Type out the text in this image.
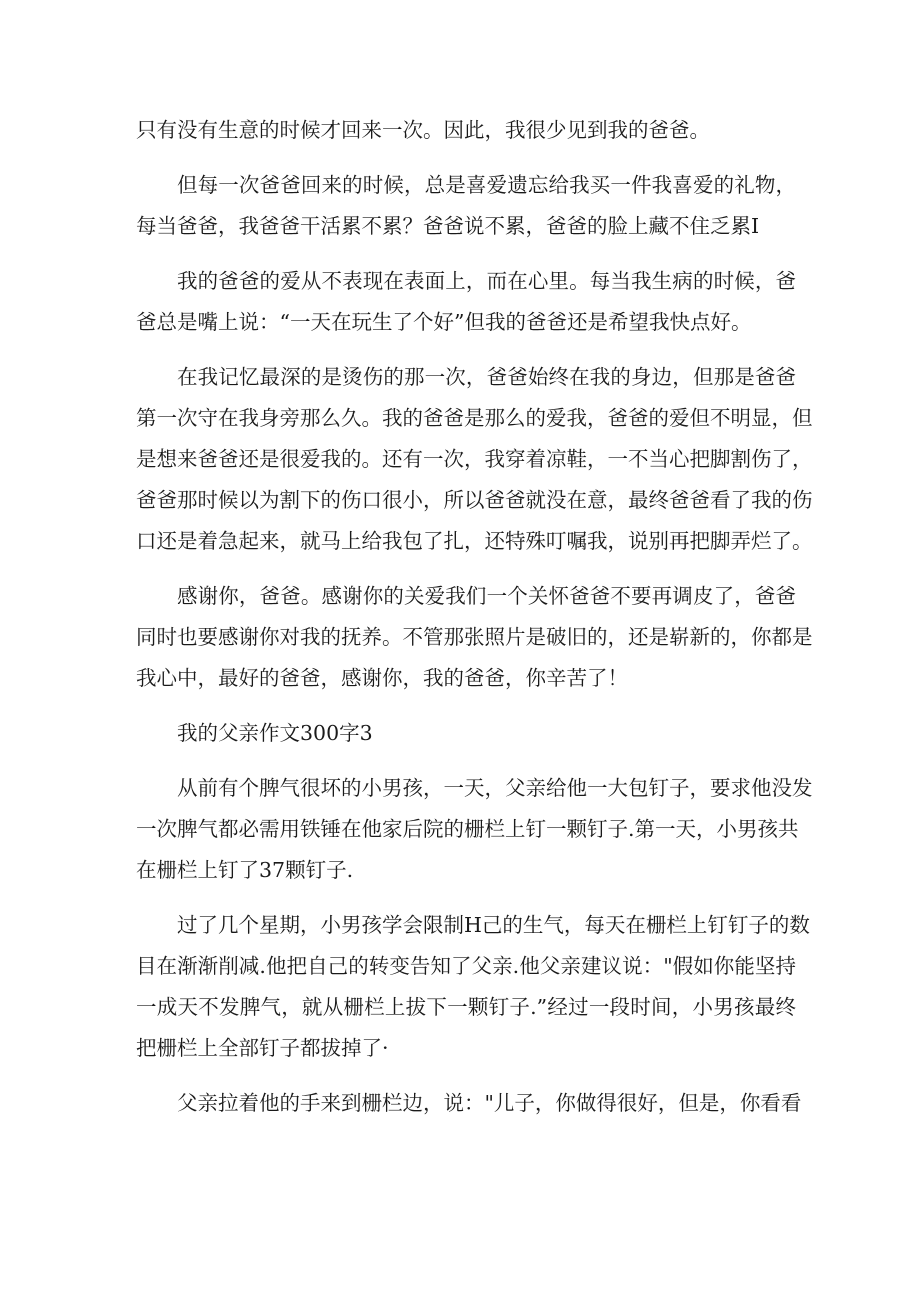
只有没有生意的时候才回来一次。因此，我很少见到我的爸爸。
但每一次爸爸回来的时候，总是喜爱遗忘给我买一件我喜爱的礼物，
每当爸爸，我爸爸干活累不累？爸爸说不累，爸爸的脸上藏不住乏累I
我的爸爸的爱从不表现在表面上，而在心里。每当我生病的时候，爸
爸总是嘴上说：“一天在玩生了个好”但我的爸爸还是希望我快点好。
在我记忆最深的是烫伤的那一次，爸爸始终在我的身边，但那是爸爸
第一次守在我身旁那么久。我的爸爸是那么的爱我，爸爸的爱但不明显，但
是想来爸爸还是很爱我的。还有一次，我穿着凉鞋，一不当心把脚割伤了，
爸爸那时候以为割下的伤口很小，所以爸爸就没在意，最终爸爸看了我的伤
口还是着急起来，就马上给我包了扎，还特殊叮嘱我，说别再把脚弄烂了。
感谢你，爸爸。感谢你的关爱我们一个关怀爸爸不要再调皮了，爸爸
同时也要感谢你对我的抚养。不管那张照片是破旧的，还是崭新的，你都是
我心中，最好的爸爸，感谢你，我的爸爸，你辛苦了！
我的父亲作文300字3
从前有个脾气很坏的小男孩，一天，父亲给他一大包钉子，要求他没发
一次脾气都必需用铁锤在他家后院的栅栏上钉一颗钉子.第一天，小男孩共
在栅栏上钉了37颗钉子.
过了几个星期，小男孩学会限制H己的生气，每天在栅栏上钉钉子的数
目在渐渐削减.他把自己的转变告知了父亲.他父亲建议说："假如你能坚持
一成天不发脾气，就从栅栏上拔下一颗钉子.”经过一段时间，小男孩最终
把栅栏上全部钉子都拔掉了·
父亲拉着他的手来到栅栏边，说："儿子，你做得很好，但是，你看看
